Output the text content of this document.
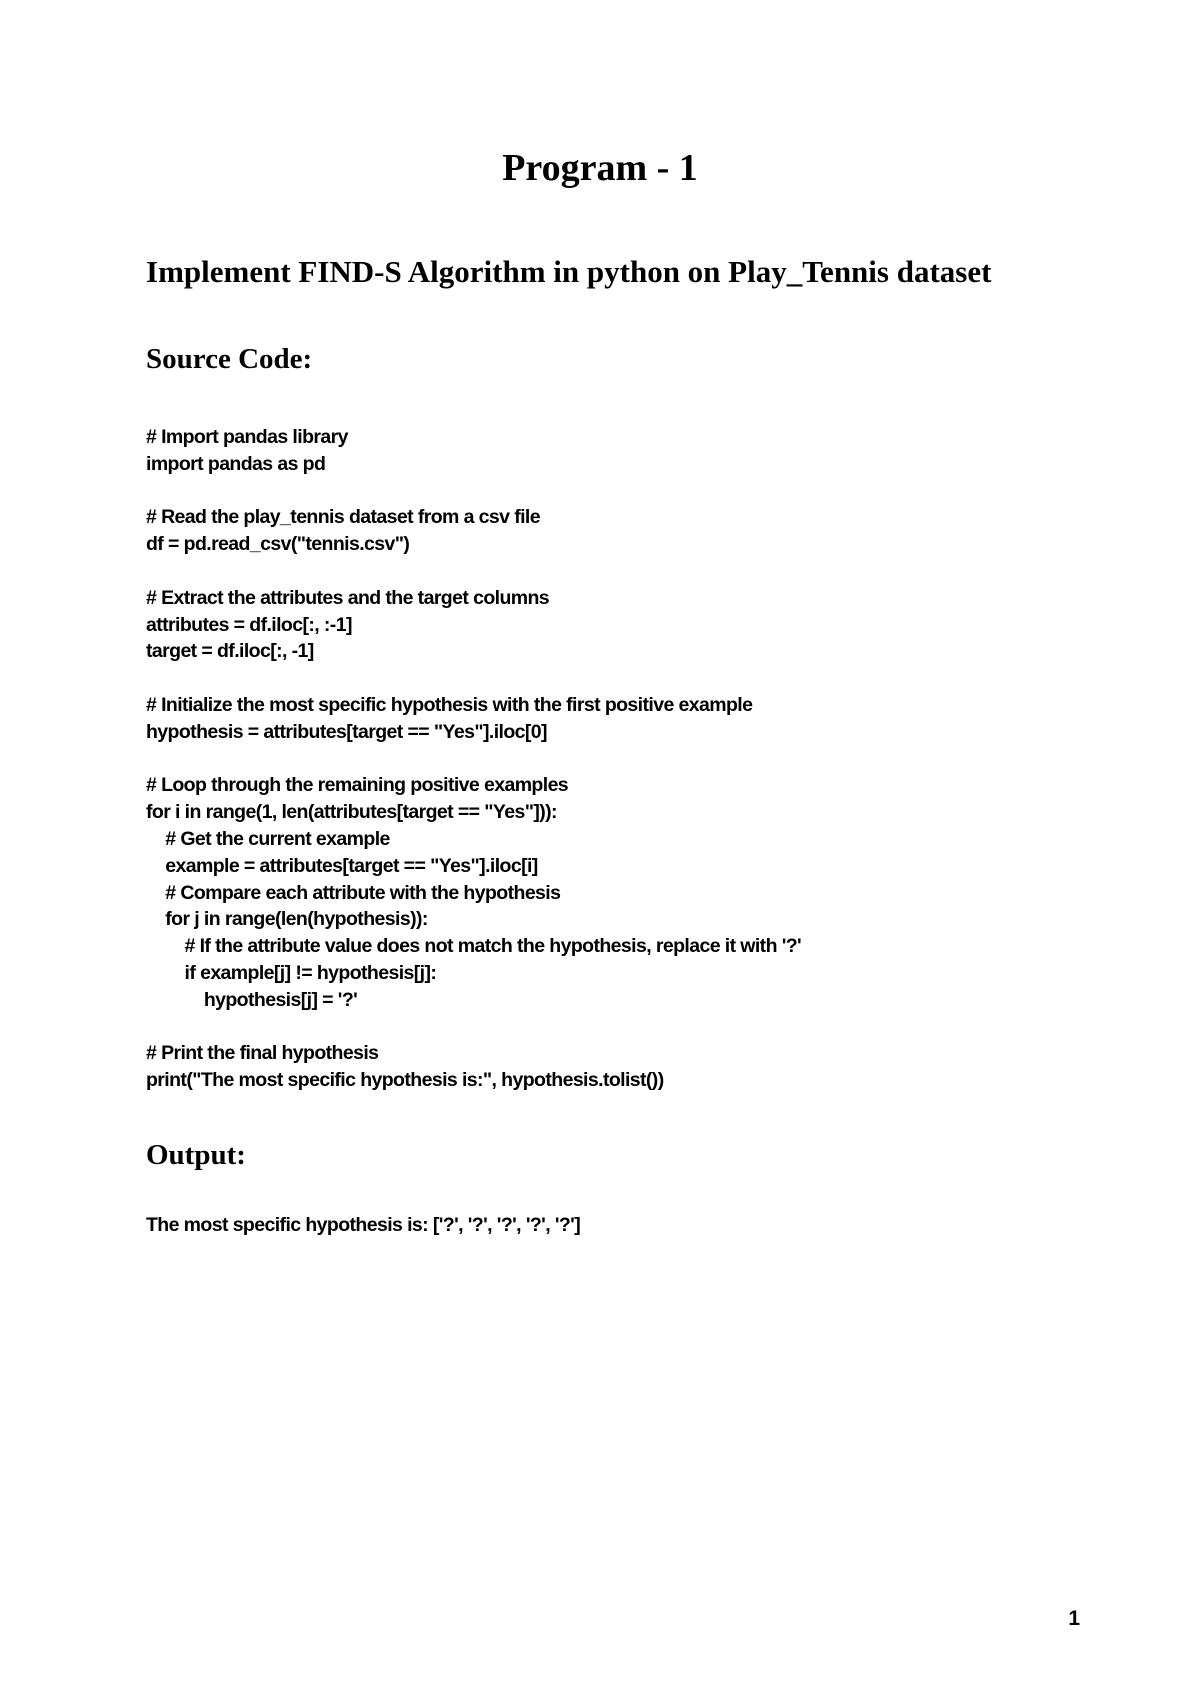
Program - 1
Implement FIND-S Algorithm in python on Play_Tennis dataset
Source Code:
# Import pandas library
import pandas as pd
# Read the play_tennis dataset from a csv file
df = pd.read_csv("tennis.csv")
# Extract the attributes and the target columns
attributes = df.iloc[:, :-1]
target = df.iloc[:, -1]
# Initialize the most specific hypothesis with the first positive example
hypothesis = attributes[target == "Yes"].iloc[0]
# Loop through the remaining positive examples
for i in range(1, len(attributes[target == "Yes"])):
# Get the current example
example = attributes[target == "Yes"].iloc[i]
# Compare each attribute with the hypothesis
for j in range(len(hypothesis)):
# If the attribute value does not match the hypothesis, replace it with '?'
if example[j] != hypothesis[j]:
hypothesis[j] = '?'
# Print the final hypothesis
print("The most specific hypothesis is:", hypothesis.tolist())
Output:

The most specific hypothesis is: ['?', '?', '?', '?', '?']

1
